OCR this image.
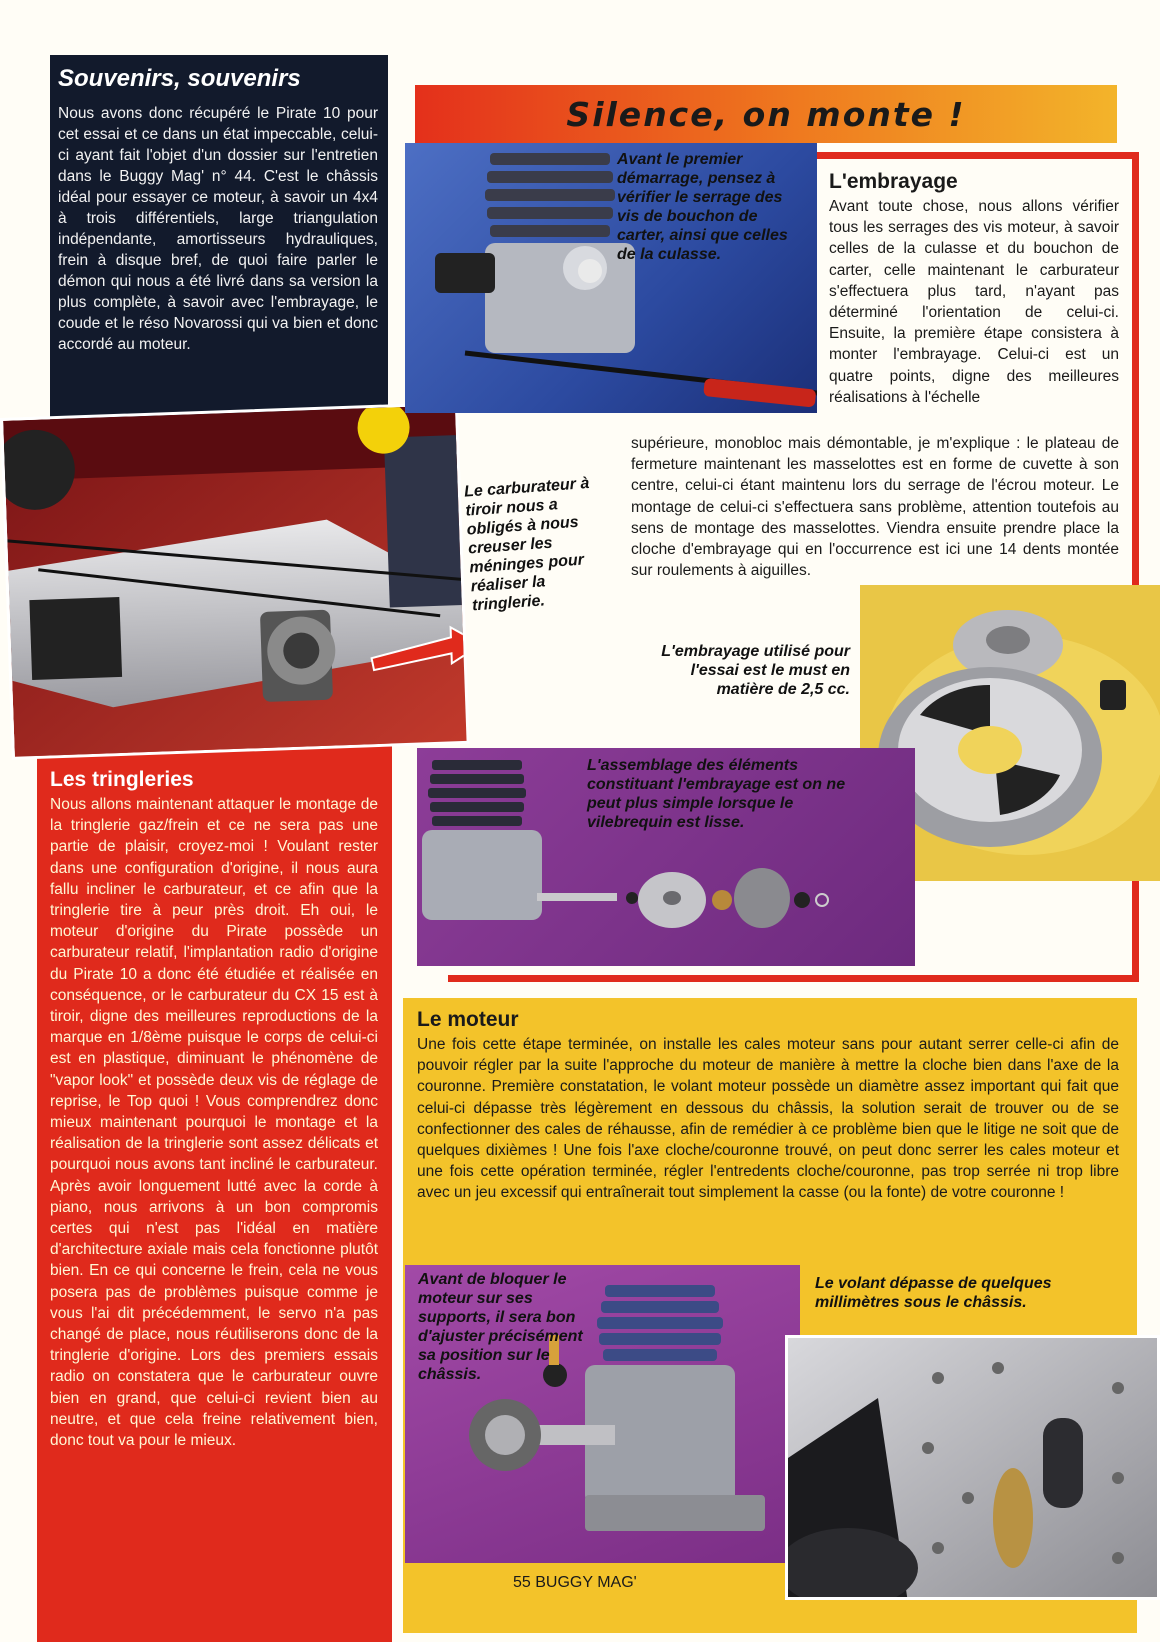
Souvenirs, souvenirs
Nous avons donc récupéré le Pirate 10 pour cet essai et ce dans un état impeccable, celui-ci ayant fait l'objet d'un dossier sur l'entretien dans le Buggy Mag' n° 44. C'est le châssis idéal pour essayer ce moteur, à savoir un 4x4 à trois différentiels, large triangulation indépendante, amortisseurs hydrauliques, frein à disque bref, de quoi faire parler le démon qui nous a été livré dans sa version la plus complète, à savoir avec l'embrayage, le coude et le réso Novarossi qui va bien et donc accordé au moteur.
Les tringleries
Nous allons maintenant attaquer le montage de la tringlerie gaz/frein et ce ne sera pas une partie de plaisir, croyez-moi ! Voulant rester dans une configuration d'origine, il nous aura fallu incliner le carburateur, et ce afin que la tringlerie tire à peur près droit. Eh oui, le moteur d'origine du Pirate possède un carburateur relatif, l'implantation radio d'origine du Pirate 10 a donc été étudiée et réalisée en conséquence, or le carburateur du CX 15 est à tiroir, digne des meilleures reproductions de la marque en 1/8ème puisque le corps de celui-ci est en plastique, diminuant le phénomène de "vapor look" et possède deux vis de réglage de reprise, le Top quoi ! Vous comprendrez donc mieux maintenant pourquoi le montage et la réalisation de la tringlerie sont assez délicats et pourquoi nous avons tant incliné le carburateur. Après avoir longuement lutté avec la corde à piano, nous arrivons à un bon compromis certes qui n'est pas l'idéal en matière d'architecture axiale mais cela fonctionne plutôt bien. En ce qui concerne le frein, cela ne vous posera pas de problèmes puisque comme je vous l'ai dit précédemment, le servo n'a pas changé de place, nous réutiliserons donc de la tringlerie d'origine. Lors des premiers essais radio on constatera que le carburateur ouvre bien en grand, que celui-ci revient bien au neutre, et que cela freine relativement bien, donc tout va pour le mieux.
Le carburateur à tiroir nous a obligés à nous creuser les méninges pour réaliser la tringlerie.
Silence, on monte !
Avant le premier démarrage, pensez à vérifier le serrage des vis de bouchon de carter, ainsi que celles de la culasse.
L'embrayage
Avant toute chose, nous allons vérifier tous les serrages des vis moteur, à savoir celles de la culasse et du bouchon de carter, celle maintenant le carburateur s'effectuera plus tard, n'ayant pas déterminé l'orientation de celui-ci. Ensuite, la première étape consistera à monter l'embrayage. Celui-ci est un quatre points, digne des meilleures réalisations à l'échelle
supérieure, monobloc mais démontable, je m'explique : le plateau de fermeture maintenant les masselottes est en forme de cuvette à son centre, celui-ci étant maintenu lors du serrage de l'écrou moteur. Le montage de celui-ci s'effectuera sans problème, attention toutefois au sens de montage des masselottes. Viendra ensuite prendre place la cloche d'embrayage qui en l'occurrence est ici une 14 dents montée sur roulements à aiguilles.
L'embrayage utilisé pour l'essai est le must en matière de 2,5 cc.
L'assemblage des éléments constituant l'embrayage est on ne peut plus simple lorsque le vilebrequin est lisse.
Le moteur
Une fois cette étape terminée, on installe les cales moteur sans pour autant serrer celle-ci afin de pouvoir régler par la suite l'approche du moteur de manière à mettre la cloche bien dans l'axe de la couronne. Première constatation, le volant moteur possède un diamètre assez important qui fait que celui-ci dépasse très légèrement en dessous du châssis, la solution serait de trouver ou de se confectionner des cales de réhausse, afin de remédier à ce problème bien que le litige ne soit que de quelques dixièmes ! Une fois l'axe cloche/couronne trouvé, on peut donc serrer les cales moteur et une fois cette opération terminée, régler l'entredents cloche/couronne, pas trop serrée ni trop libre avec un jeu excessif qui entraînerait tout simplement la casse (ou la fonte) de votre couronne !
Avant de bloquer le moteur sur ses supports, il sera bon d'ajuster précisément sa position sur le châssis.
Le volant dépasse de quelques millimètres sous le châssis.
55 BUGGY MAG'
